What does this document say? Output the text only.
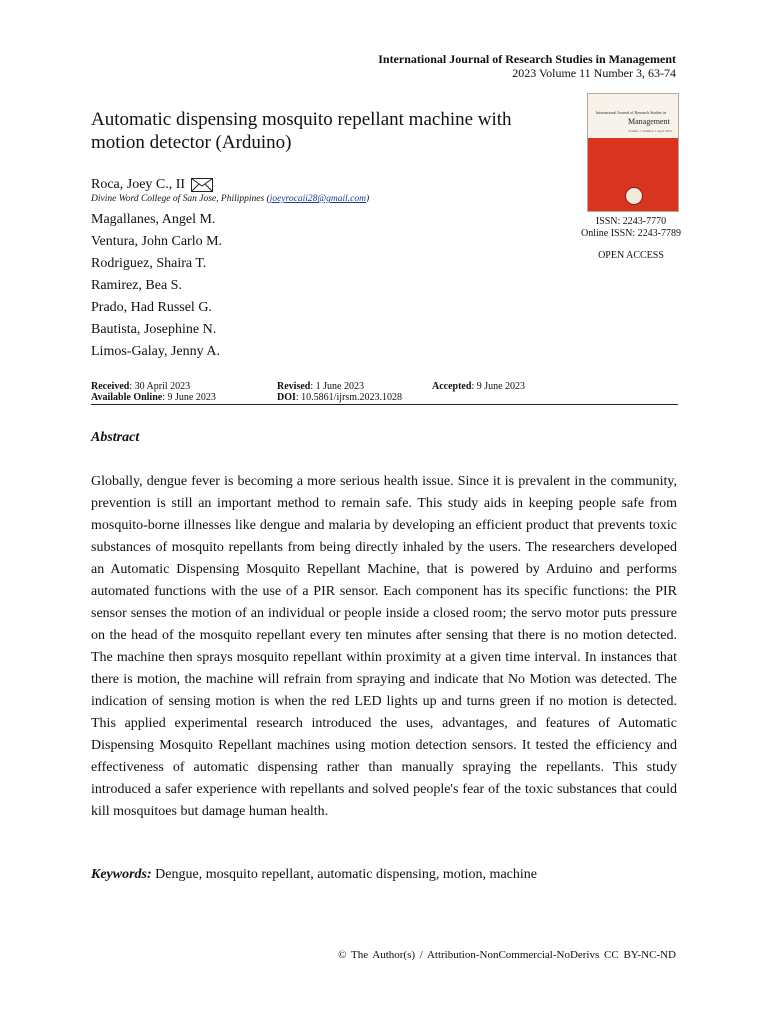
International Journal of Research Studies in Management
2023 Volume 11 Number 3, 63-74
Automatic dispensing mosquito repellant machine with motion detector (Arduino)
Roca, Joey C., II
Divine Word College of San Jose, Philippines (joeyrocaii28@gmail.com)
Magallanes, Angel M.
Ventura, John Carlo M.
Rodriguez, Shaira T.
Ramirez, Bea S.
Prado, Had Russel G.
Bautista, Josephine N.
Limos-Galay, Jenny A.
International Journal of Research Studies in
Management
Volume 1 Number 1 April 2012
ISSN: 2243-7770
Online ISSN: 2243-7789
OPEN ACCESS
Received: 30 April 2023	Revised: 1 June 2023	Accepted: 9 June 2023
Available Online: 9 June 2023	DOI: 10.5861/ijrsm.2023.1028
Abstract
Globally, dengue fever is becoming a more serious health issue. Since it is prevalent in the community, prevention is still an important method to remain safe. This study aids in keeping people safe from mosquito-borne illnesses like dengue and malaria by developing an efficient product that prevents toxic substances of mosquito repellants from being directly inhaled by the users. The researchers developed an Automatic Dispensing Mosquito Repellant Machine, that is powered by Arduino and performs automated functions with the use of a PIR sensor. Each component has its specific functions: the PIR sensor senses the motion of an individual or people inside a closed room; the servo motor puts pressure on the head of the mosquito repellant every ten minutes after sensing that there is no motion detected. The machine then sprays mosquito repellant within proximity at a given time interval. In instances that there is motion, the machine will refrain from spraying and indicate that No Motion was detected. The indication of sensing motion is when the red LED lights up and turns green if no motion is detected. This applied experimental research introduced the uses, advantages, and features of Automatic Dispensing Mosquito Repellant machines using motion detection sensors. It tested the efficiency and effectiveness of automatic dispensing rather than manually spraying the repellants. This study introduced a safer experience with repellants and solved people's fear of the toxic substances that could kill mosquitoes but damage human health.
Keywords: Dengue, mosquito repellant, automatic dispensing, motion, machine
© The Author(s) / Attribution-NonCommercial-NoDerivs CC BY-NC-ND
